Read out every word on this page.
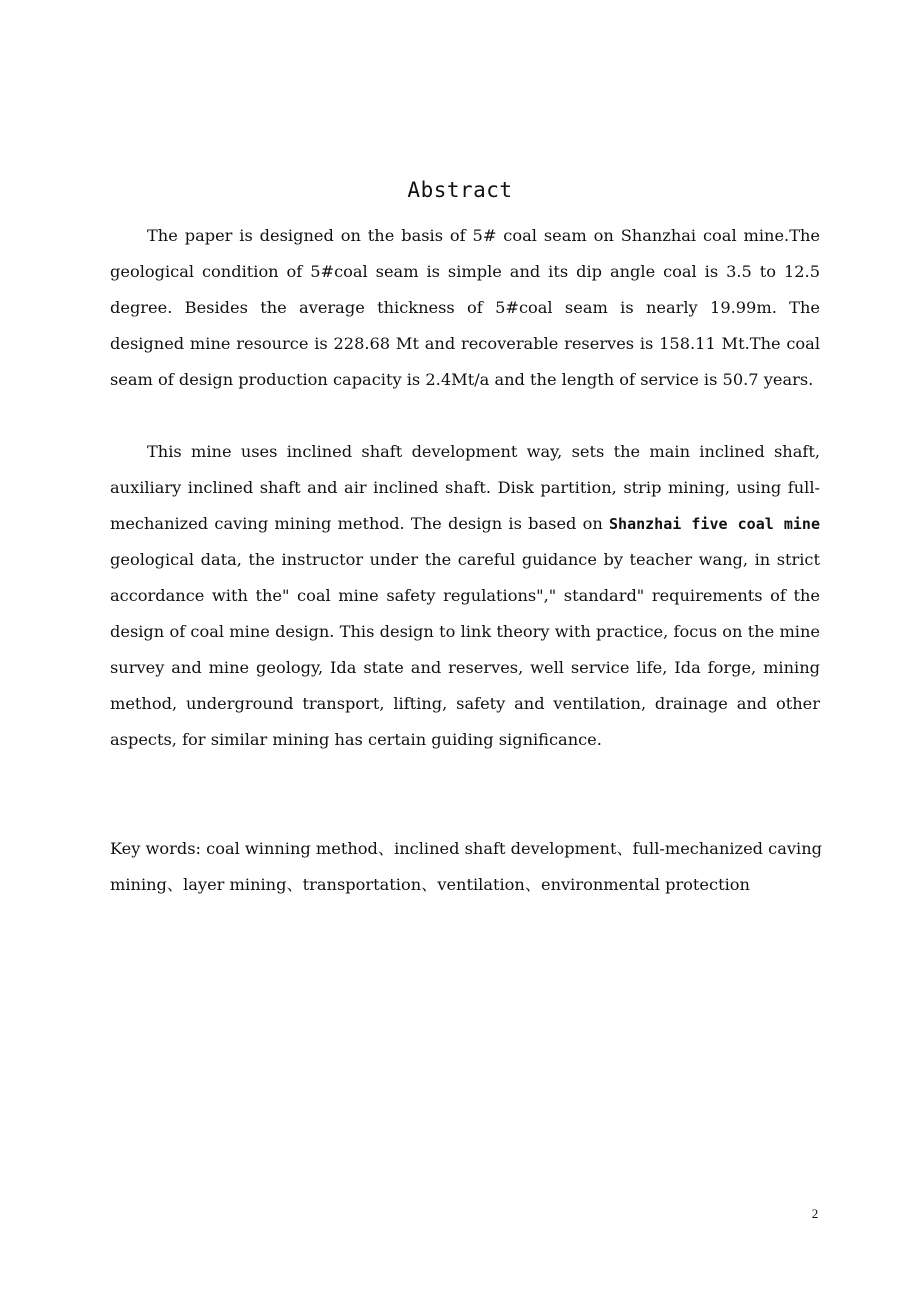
Abstract

The paper is designed on the basis of 5# coal seam on Shanzhai coal mine.The geological condition of 5#coal seam is simple and its dip angle coal is 3.5 to 12.5 degree. Besides the average thickness of 5#coal seam is nearly 19.99m. The designed mine resource is 228.68 Mt and recoverable reserves is 158.11 Mt.The coal seam of design production capacity is 2.4Mt/a and the length of service is 50.7 years.

This mine uses inclined shaft development way, sets the main inclined shaft, auxiliary inclined shaft and air inclined shaft. Disk partition, strip mining, using full-mechanized caving mining method. The design is based on Shanzhai five coal mine geological data, the instructor under the careful guidance by teacher wang, in strict accordance with the" coal mine safety regulations"," standard" requirements of the design of coal mine design. This design to link theory with practice, focus on the mine survey and mine geology, Ida state and reserves, well service life, Ida forge, mining method, underground transport, lifting, safety and ventilation, drainage and other aspects, for similar mining has certain guiding significance.

Key words: coal winning method、inclined shaft development、full-mechanized caving mining、layer mining、transportation、ventilation、environmental protection

2
